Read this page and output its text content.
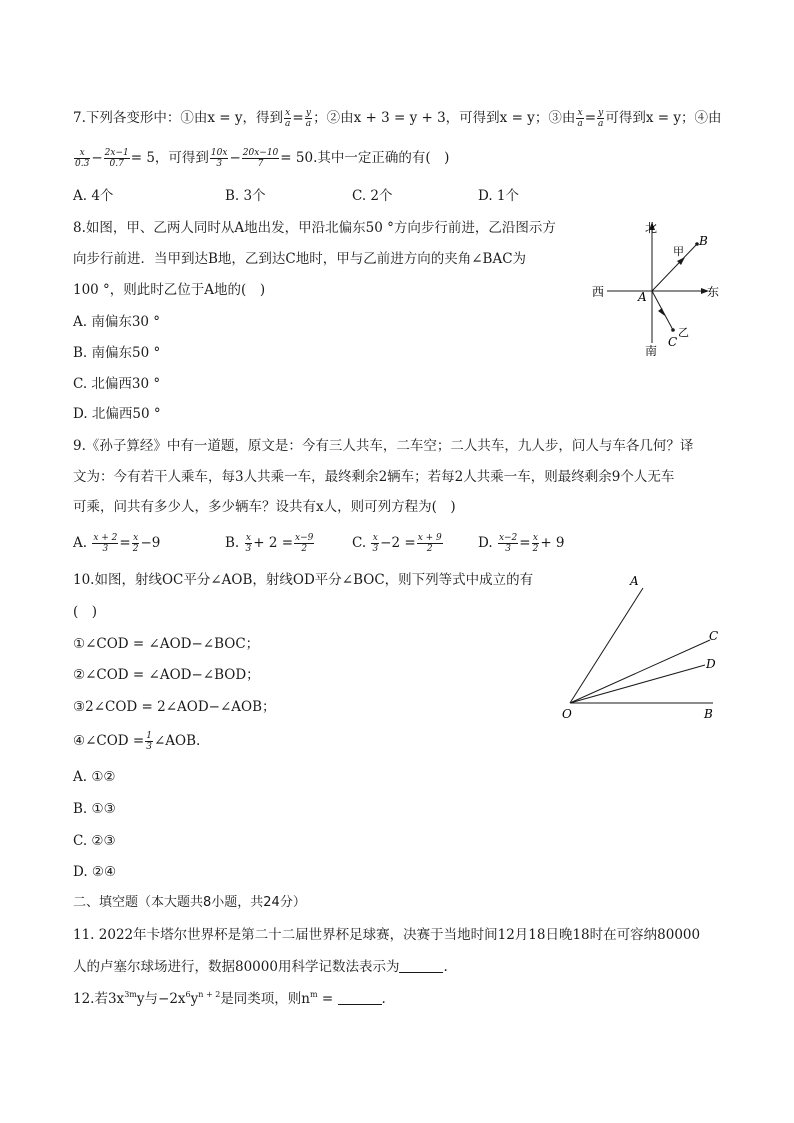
7.下列各变形中：①由x = y，得到 $\frac{x}{a} = \frac{y}{a}$ ；②由x + 3 = y + 3，可得到x = y；③由 $\frac{x}{a} = \frac{y}{a}$ 可得到x = y；④由
$\frac{x}{0.3} - \frac{2x-1}{0.7} = 5$，可得到 $\frac{10x}{3} - \frac{20x-10}{7} = 50$.其中一定正确的有(　)
A. 4个	B. 3个	C. 2个	D. 1个
8.如图，甲、乙两人同时从A地出发，甲沿北偏东50 °方向步行前进，乙沿图示方
向步行前进．当甲到达B地，乙到达C地时，甲与乙前进方向的夹角∠BAC为
100 °，则此时乙位于A地的(　)
A. 南偏东30 °
B. 南偏东50 °
C. 北偏西30 °
D. 北偏西50 °
北
南
西	东
A
甲
B
乙
C
9.《孙子算经》中有一道题，原文是：今有三人共车，二车空；二人共车，九人步，问人与车各几何？译
文为：今有若干人乘车，每3人共乘一车，最终剩余2辆车；若每2人共乘一车，则最终剩余9个人无车
可乘，问共有多少人，多少辆车？设共有x人，则可列方程为(　)
A. $\frac{x + 2}{3} = \frac{x}{2} -9$	B. $\frac{x}{3} + 2 = \frac{x-9}{2}$	C. $\frac{x}{3} -2 = \frac{x + 9}{2}$	D. $\frac{x-2}{3} = \frac{x}{2} + 9$
10.如图，射线OC平分∠AOB，射线OD平分∠BOC，则下列等式中成立的有
(　)
①∠COD = ∠AOD−∠BOC；
②∠COD = ∠AOD−∠BOD；
③2∠COD = 2∠AOD−∠AOB；
④∠COD = $\frac{1}{3}$ ∠AOB.
A. ①②
B. ①③
C. ②③
D. ②④
A
C
D
O	B
二、填空题（本大题共8小题，共24分）
11. 2022年卡塔尔世界杯是第二十二届世界杯足球赛，决赛于当地时间12月18日晚18时在可容纳80000
人的卢塞尔球场进行，数据80000用科学记数法表示为	.
12.若$3x^{3m}y$与$-2x^6y^{n + 2}$是同类项，则$n^m$ =	.
